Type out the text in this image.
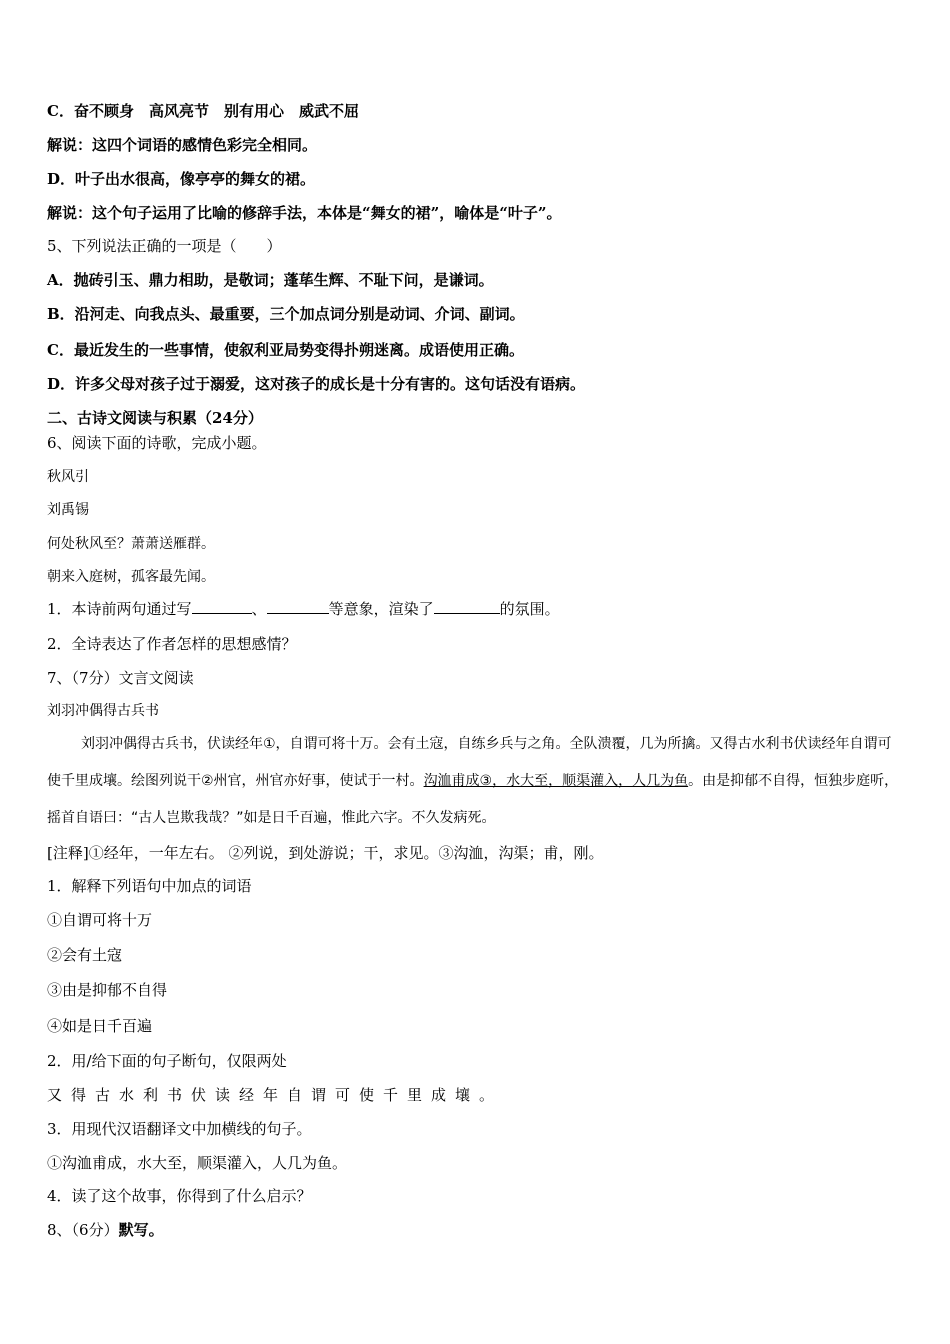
C．奋不顾身　高风亮节　别有用心　威武不屈
解说：这四个词语的感情色彩完全相同。
D．叶子出水很高，像亭亭的舞女的裙。
解说：这个句子运用了比喻的修辞手法，本体是“舞女的裙”，喻体是“叶子”。
5、下列说法正确的一项是（　　）
A．抛砖引玉、鼎力相助，是敬词；蓬荜生辉、不耻下问，是谦词。
B．沿河走、向我点头、最重要，三个加点词分别是动词、介词、副词。
C．最近发生的一些事情，使叙利亚局势变得扑朔迷离。成语使用正确。
D．许多父母对孩子过于溺爱，这对孩子的成长是十分有害的。这句话没有语病。
二、古诗文阅读与积累（24分）
6、阅读下面的诗歌，完成小题。
秋风引
刘禹锡
何处秋风至？萧萧送雁群。
朝来入庭树，孤客最先闻。
1．本诗前两句通过写	、	等意象，渲染了	的氛围。
2．全诗表达了作者怎样的思想感情？
7、（7分）文言文阅读
刘羽冲偶得古兵书
刘羽冲偶得古兵书，伏读经年①，自谓可将十万。会有土寇，自练乡兵与之角。全队溃覆，几为所擒。又得古水利书伏读经年自谓可使千里成壤。绘图列说干②州官，州官亦好事，使试于一村。沟洫甫成③，水大至，顺渠灌入，人几为鱼。由是抑郁不自得，恒独步庭听，摇首自语曰：“古人岂欺我哉？”如是日千百遍，惟此六字。不久发病死。
[注释]①经年，一年左右。 ②列说，到处游说；干，求见。③沟洫，沟渠；甫，刚。
1．解释下列语句中加点的词语
①自谓可将十万
②会有土寇
③由是抑郁不自得
④如是日千百遍
2．用/给下面的句子断句，仅限两处
又得古水利书伏读经年自谓可使千里成壤。
3．用现代汉语翻译文中加横线的句子。
①沟洫甫成，水大至，顺渠灌入，人几为鱼。
4．读了这个故事，你得到了什么启示？
8、（6分）默写。
